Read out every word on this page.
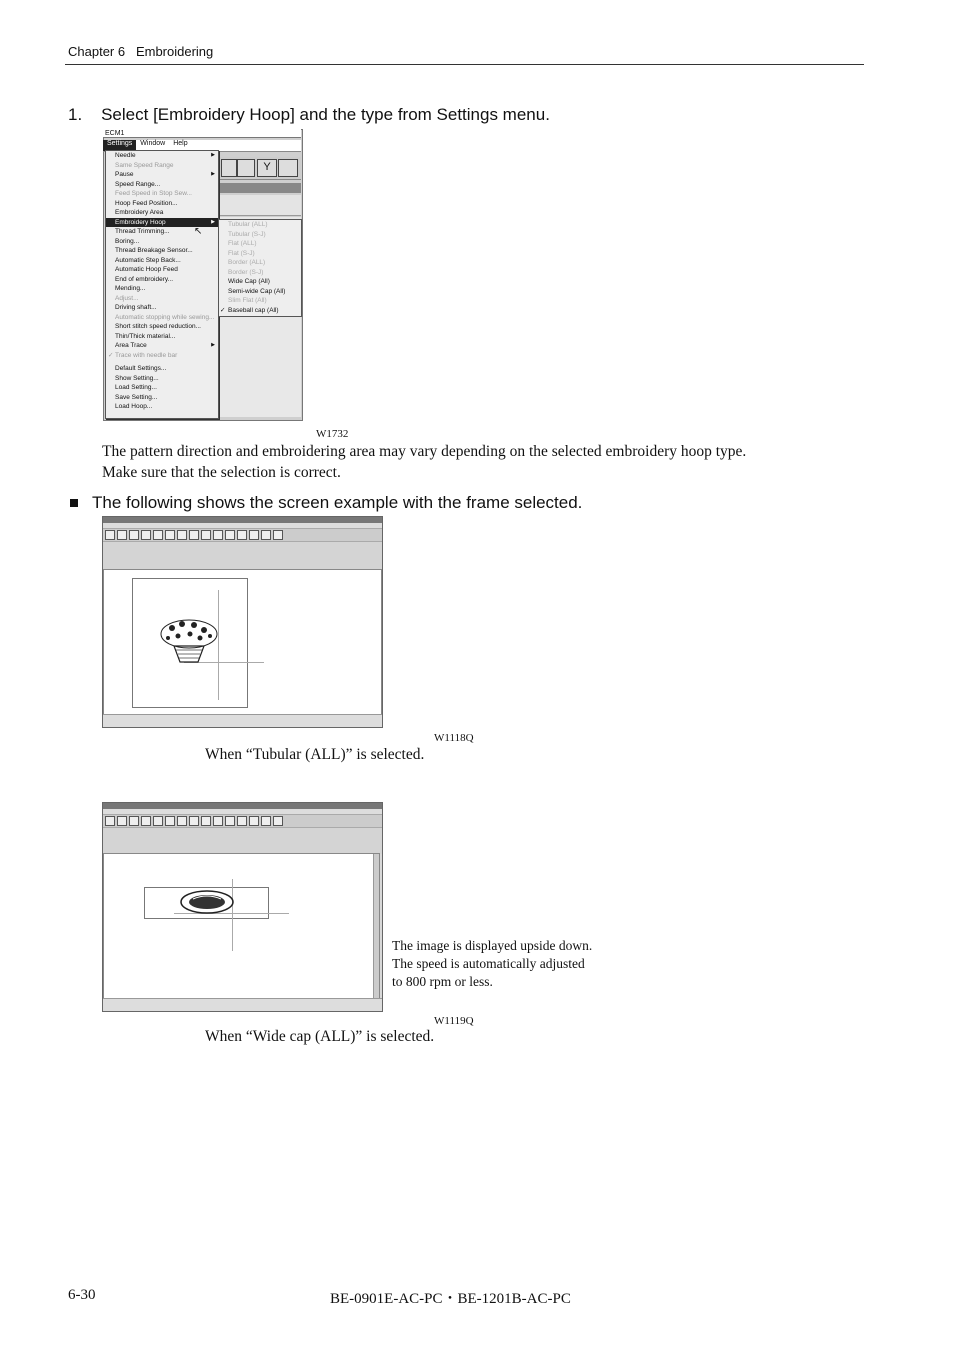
Chapter 6 Embroidering
1. Select [Embroidery Hoop] and the type from Settings menu.
ECM1
Settings	Window	Help
Y
Needle	▶
Same Speed Range
Pause	▶
Speed Range...
Feed Speed in Stop Sew...
Hoop Feed Position...
Embroidery Area
Embroidery Hoop	▶
Thread Trimming...
Boring...
Thread Breakage Sensor...
Automatic Step Back...
Automatic Hoop Feed
End of embroidery...
Mending...
Adjust...
Driving shaft...
Automatic stopping while sewing...
Short stitch speed reduction...
Thin/Thick material...
Area Trace	▶
✓ Trace with needle bar
Default Settings...
Show Setting...
Load Setting...
Save Setting...
Load Hoop...
Tubular (ALL)
Tubular (S-J)
Flat (ALL)
Flat (S-J)
Border (ALL)
Border (S-J)
Wide Cap (All)
Semi-wide Cap (All)
Slim Flat (All)
✓ Baseball cap (All)
↖
W1732
The pattern direction and embroidering area may vary depending on the selected embroidery hoop type.
Make sure that the selection is correct.
The following shows the screen example with the frame selected.
W1118Q
When “Tubular (ALL)” is selected.
The image is displayed upside down.
The speed is automatically adjusted
to 800 rpm or less.
W1119Q
When “Wide cap (ALL)” is selected.
6-30	BE-0901E-AC-PC・BE-1201B-AC-PC
